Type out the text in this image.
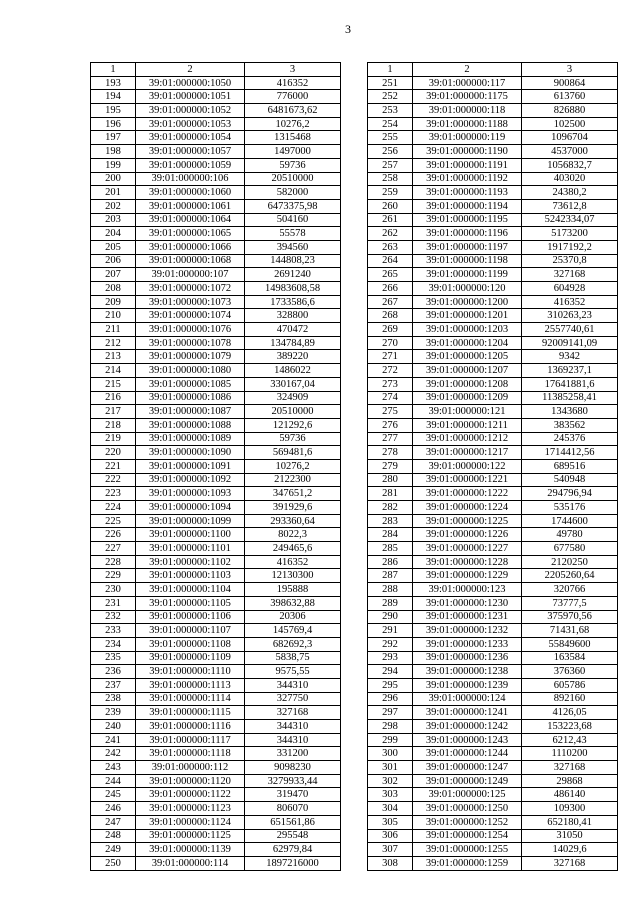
3
1	2	3
193	39:01:000000:1050	416352
194	39:01:000000:1051	776000
195	39:01:000000:1052	6481673,62
196	39:01:000000:1053	10276,2
197	39:01:000000:1054	1315468
198	39:01:000000:1057	1497000
199	39:01:000000:1059	59736
200	39:01:000000:106	20510000
201	39:01:000000:1060	582000
202	39:01:000000:1061	6473375,98
203	39:01:000000:1064	504160
204	39:01:000000:1065	55578
205	39:01:000000:1066	394560
206	39:01:000000:1068	144808,23
207	39:01:000000:107	2691240
208	39:01:000000:1072	14983608,58
209	39:01:000000:1073	1733586,6
210	39:01:000000:1074	328800
211	39:01:000000:1076	470472
212	39:01:000000:1078	134784,89
213	39:01:000000:1079	389220
214	39:01:000000:1080	1486022
215	39:01:000000:1085	330167,04
216	39:01:000000:1086	324909
217	39:01:000000:1087	20510000
218	39:01:000000:1088	121292,6
219	39:01:000000:1089	59736
220	39:01:000000:1090	569481,6
221	39:01:000000:1091	10276,2
222	39:01:000000:1092	2122300
223	39:01:000000:1093	347651,2
224	39:01:000000:1094	391929,6
225	39:01:000000:1099	293360,64
226	39:01:000000:1100	8022,3
227	39:01:000000:1101	249465,6
228	39:01:000000:1102	416352
229	39:01:000000:1103	12130300
230	39:01:000000:1104	195888
231	39:01:000000:1105	398632,88
232	39:01:000000:1106	20306
233	39:01:000000:1107	145769,4
234	39:01:000000:1108	682692,3
235	39:01:000000:1109	5838,75
236	39:01:000000:1110	9575,55
237	39:01:000000:1113	344310
238	39:01:000000:1114	327750
239	39:01:000000:1115	327168
240	39:01:000000:1116	344310
241	39:01:000000:1117	344310
242	39:01:000000:1118	331200
243	39:01:000000:112	9098230
244	39:01:000000:1120	3279933,44
245	39:01:000000:1122	319470
246	39:01:000000:1123	806070
247	39:01:000000:1124	651561,86
248	39:01:000000:1125	295548
249	39:01:000000:1139	62979,84
250	39:01:000000:114	1897216000
1	2	3
251	39:01:000000:117	900864
252	39:01:000000:1175	613760
253	39:01:000000:118	826880
254	39:01:000000:1188	102500
255	39:01:000000:119	1096704
256	39:01:000000:1190	4537000
257	39:01:000000:1191	1056832,7
258	39:01:000000:1192	403020
259	39:01:000000:1193	24380,2
260	39:01:000000:1194	73612,8
261	39:01:000000:1195	5242334,07
262	39:01:000000:1196	5173200
263	39:01:000000:1197	1917192,2
264	39:01:000000:1198	25370,8
265	39:01:000000:1199	327168
266	39:01:000000:120	604928
267	39:01:000000:1200	416352
268	39:01:000000:1201	310263,23
269	39:01:000000:1203	2557740,61
270	39:01:000000:1204	92009141,09
271	39:01:000000:1205	9342
272	39:01:000000:1207	1369237,1
273	39:01:000000:1208	17641881,6
274	39:01:000000:1209	11385258,41
275	39:01:000000:121	1343680
276	39:01:000000:1211	383562
277	39:01:000000:1212	245376
278	39:01:000000:1217	1714412,56
279	39:01:000000:122	689516
280	39:01:000000:1221	540948
281	39:01:000000:1222	294796,94
282	39:01:000000:1224	535176
283	39:01:000000:1225	1744600
284	39:01:000000:1226	49780
285	39:01:000000:1227	677580
286	39:01:000000:1228	2120250
287	39:01:000000:1229	2205260,64
288	39:01:000000:123	320766
289	39:01:000000:1230	73777,5
290	39:01:000000:1231	375970,56
291	39:01:000000:1232	71431,68
292	39:01:000000:1233	55849600
293	39:01:000000:1236	163584
294	39:01:000000:1238	376360
295	39:01:000000:1239	605786
296	39:01:000000:124	892160
297	39:01:000000:1241	4126,05
298	39:01:000000:1242	153223,68
299	39:01:000000:1243	6212,43
300	39:01:000000:1244	1110200
301	39:01:000000:1247	327168
302	39:01:000000:1249	29868
303	39:01:000000:125	486140
304	39:01:000000:1250	109300
305	39:01:000000:1252	652180,41
306	39:01:000000:1254	31050
307	39:01:000000:1255	14029,6
308	39:01:000000:1259	327168
